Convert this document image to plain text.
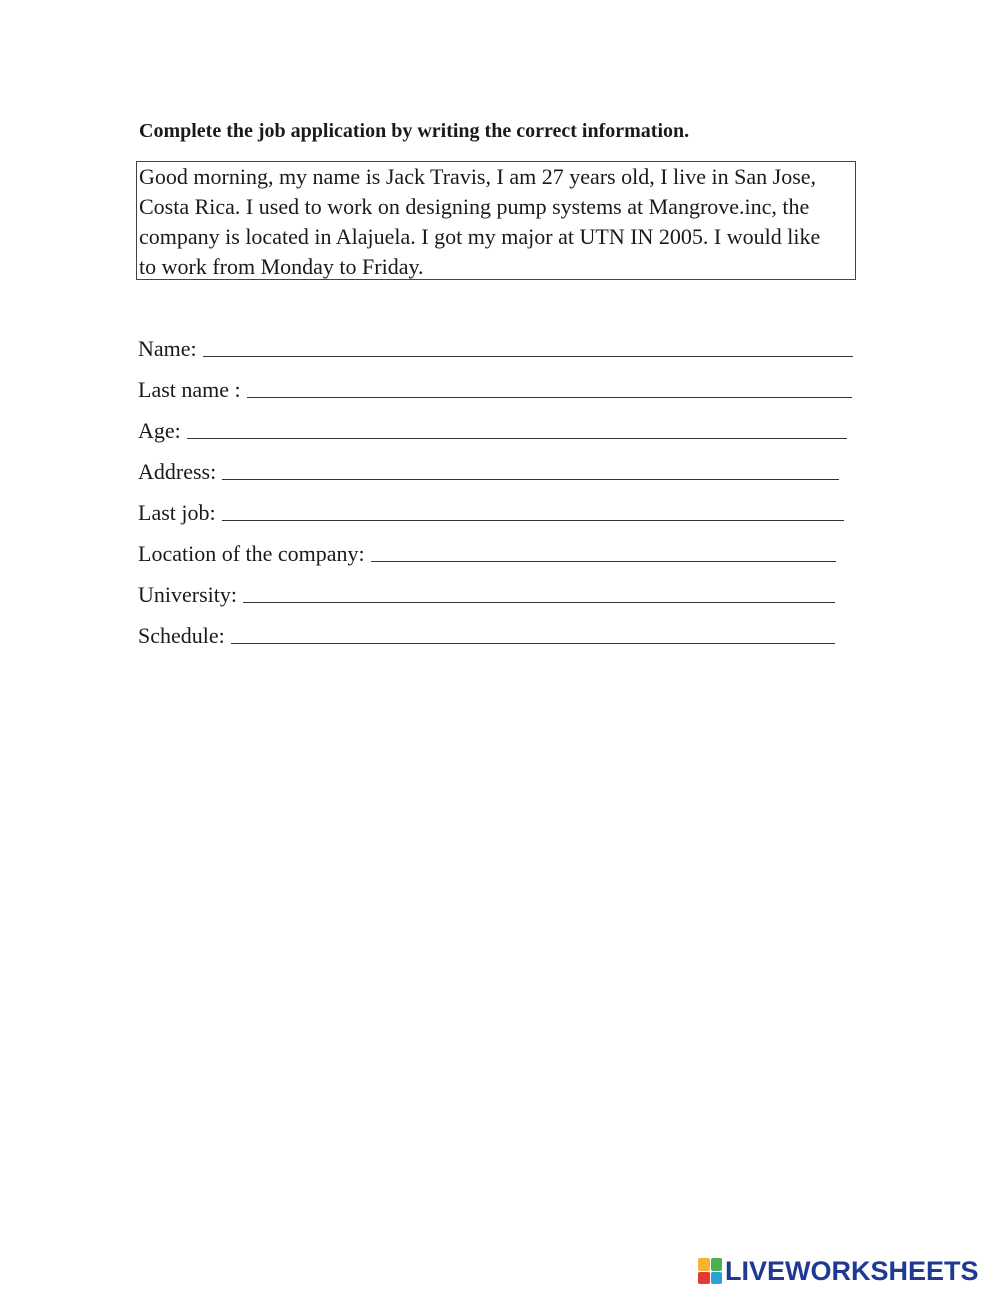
Complete the job application by writing the correct information.
Good morning, my name is Jack Travis, I am 27 years old, I live in San Jose,
Costa Rica. I used to work on designing pump systems at Mangrove.inc, the
company is located in Alajuela. I got my major at UTN IN 2005. I would like
to work from Monday to Friday.
Name:
Last name :
Age:
Address:
Last job:
Location of the company:
University:
Schedule:
LIVEWORKSHEETS
